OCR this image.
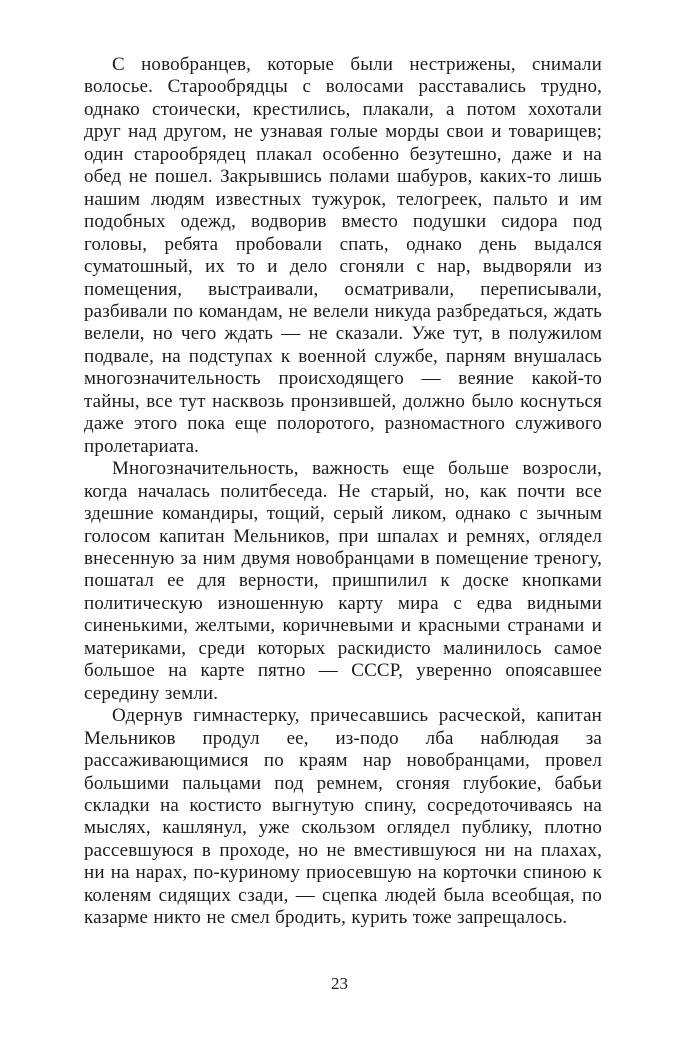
С новобранцев, которые были нестрижены, снимали волосье. Старообрядцы с волосами расставались трудно, однако стоически, крестились, плакали, а потом хохотали друг над другом, не узнавая голые морды свои и товарищев; один старообрядец плакал особенно безутешно, даже и на обед не пошел. Закрывшись полами шабуров, каких-то лишь нашим людям известных тужурок, телогреек, пальто и им подобных одежд, водворив вместо подушки сидора под головы, ребята пробовали спать, однако день выдался суматошный, их то и дело сгоняли с нар, выдворяли из помещения, выстраивали, осматривали, переписывали, разбивали по командам, не велели никуда разбредаться, ждать велели, но чего ждать — не сказали. Уже тут, в полужилом подвале, на подступах к военной службе, парням внушалась многозначительность происходящего — веяние какой-то тайны, все тут насквозь пронзившей, должно было коснуться даже этого пока еще полоротого, разномастного служивого пролетариата.

Многозначительность, важность еще больше возросли, когда началась политбеседа. Не старый, но, как почти все здешние командиры, тощий, серый ликом, однако с зычным голосом капитан Мельников, при шпалах и ремнях, оглядел внесенную за ним двумя новобранцами в помещение треногу, пошатал ее для верности, пришпилил к доске кнопками политическую изношенную карту мира с едва видными синенькими, желтыми, коричневыми и красными странами и материками, среди которых раскидисто малинилось самое большое на карте пятно — СССР, уверенно опоясавшее середину земли.

Одернув гимнастерку, причесавшись расческой, капитан Мельников продул ее, из-подо лба наблюдая за рассаживающимися по краям нар новобранцами, провел большими пальцами под ремнем, сгоняя глубокие, бабьи складки на костисто выгнутую спину, сосредоточиваясь на мыслях, кашлянул, уже скользом оглядел публику, плотно рассевшуюся в проходе, но не вместившуюся ни на плахах, ни на нарах, по-куриному приосевшую на корточки спиною к коленям сидящих сзади, — сцепка людей была всеобщая, по казарме никто не смел бродить, курить тоже запрещалось.

23
